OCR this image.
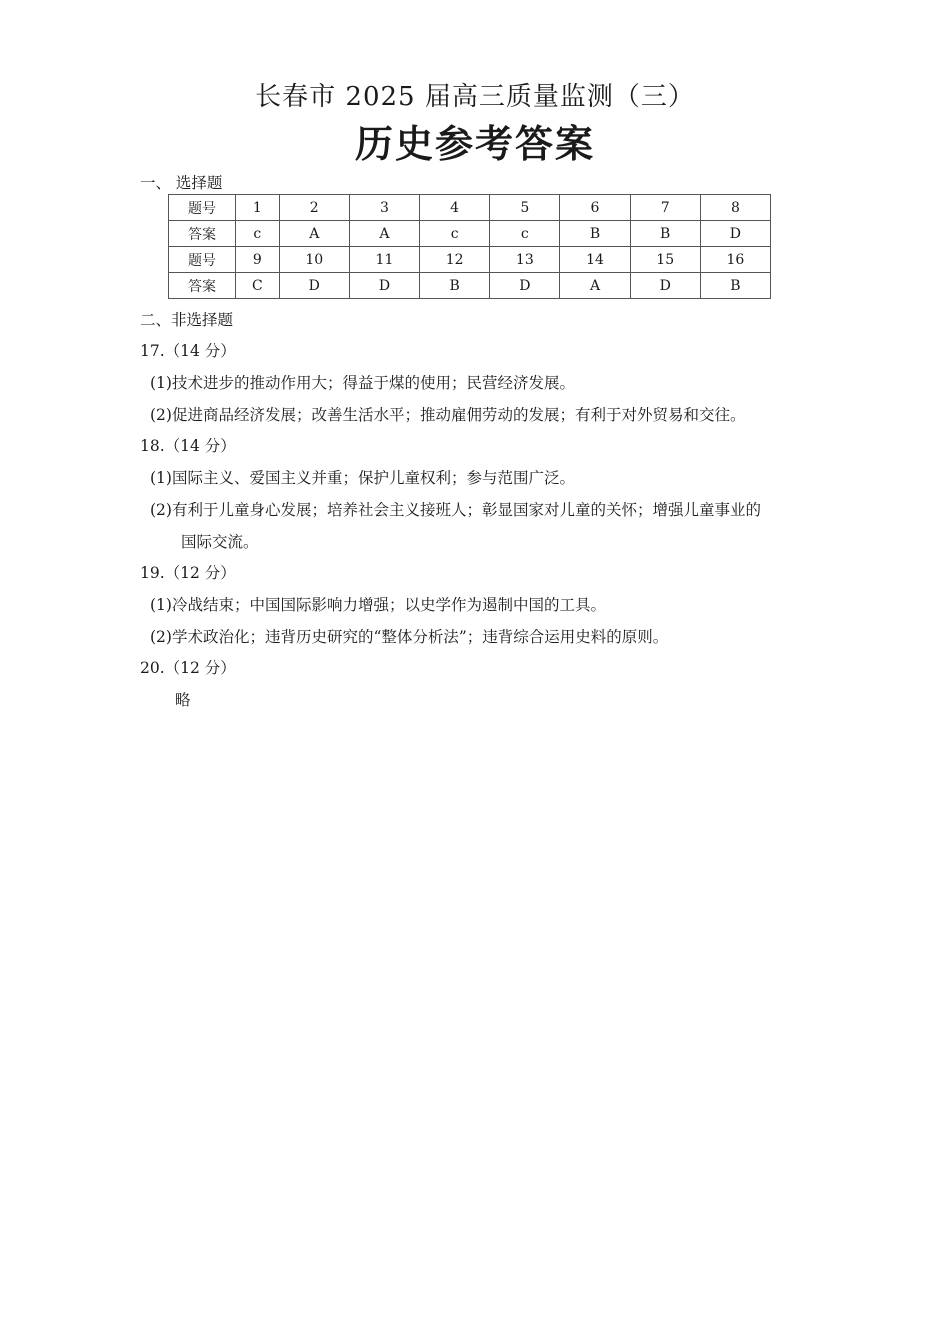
长春市 2025 届高三质量监测（三）
历史参考答案
一、 选择题
题号	1	2	3	4	5	6	7	8
答案	c	A	A	c	c	B	B	D
题号	9	10	11	12	13	14	15	16
答案	C	D	D	B	D	A	D	B
二、非选择题
17.（14 分）
(1)技术进步的推动作用大；得益于煤的使用；民营经济发展。
(2)促进商品经济发展；改善生活水平；推动雇佣劳动的发展；有利于对外贸易和交往。
18.（14 分）
(1)国际主义、爱国主义并重；保护儿童权利；参与范围广泛。
(2)有利于儿童身心发展；培养社会主义接班人；彰显国家对儿童的关怀；增强儿童事业的
国际交流。
19.（12 分）
(1)冷战结束；中国国际影响力增强；以史学作为遏制中国的工具。
(2)学术政治化；违背历史研究的“整体分析法”；违背综合运用史料的原则。
20.（12 分）
略
